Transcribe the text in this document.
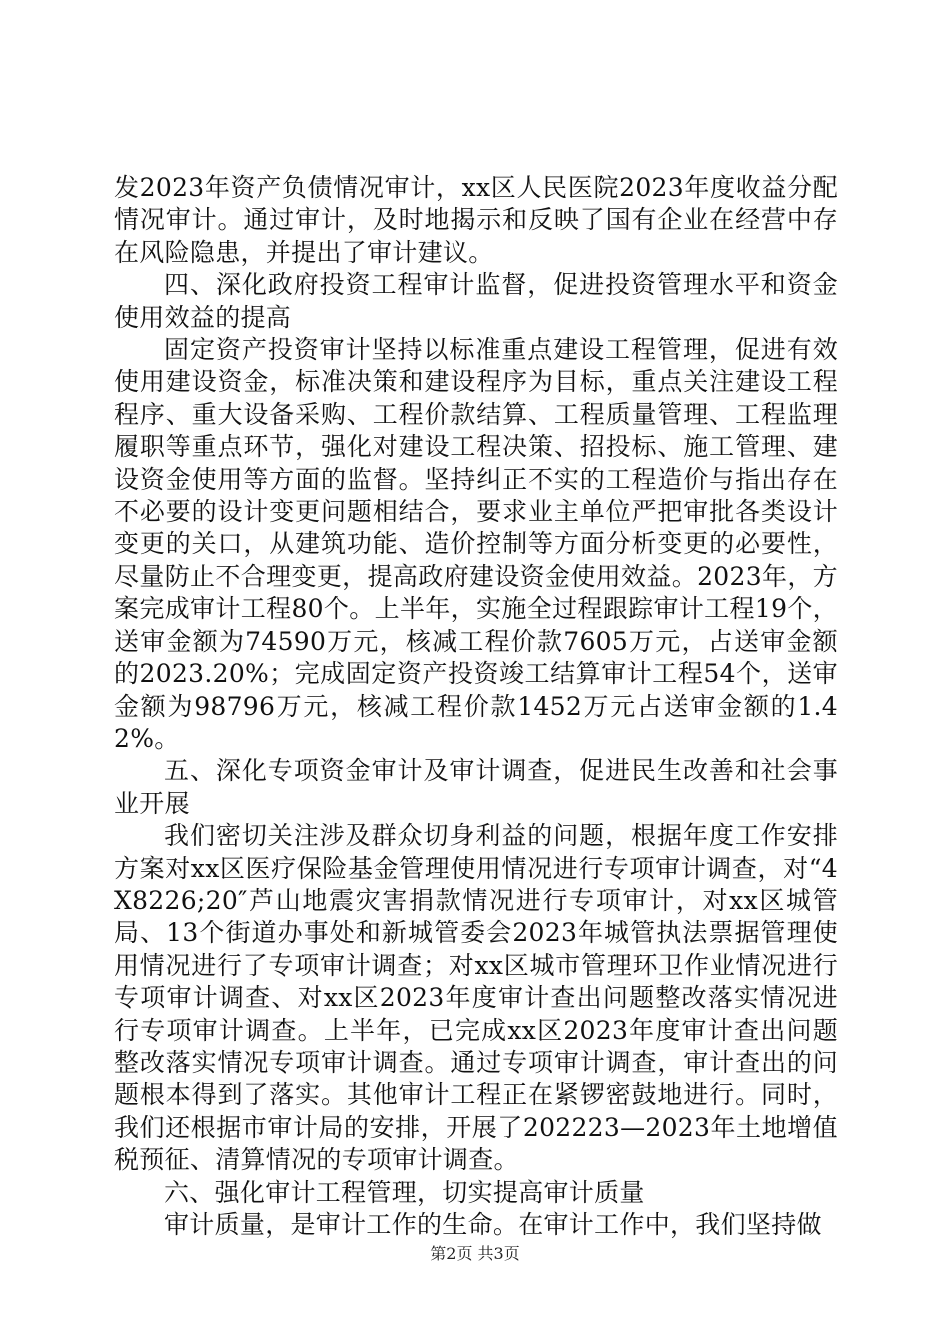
发2023年资产负债情况审计，xx区人民医院2023年度收益分配情况审计。通过审计，及时地揭示和反映了国有企业在经营中存在风险隐患，并提出了审计建议。

四、深化政府投资工程审计监督，促进投资管理水平和资金使用效益的提高

固定资产投资审计坚持以标准重点建设工程管理，促进有效使用建设资金，标准决策和建设程序为目标，重点关注建设工程程序、重大设备采购、工程价款结算、工程质量管理、工程监理履职等重点环节，强化对建设工程决策、招投标、施工管理、建设资金使用等方面的监督。坚持纠正不实的工程造价与指出存在不必要的设计变更问题相结合，要求业主单位严把审批各类设计变更的关口，从建筑功能、造价控制等方面分析变更的必要性，尽量防止不合理变更，提高政府建设资金使用效益。2023年，方案完成审计工程80个。上半年，实施全过程跟踪审计工程19个，送审金额为74590万元，核减工程价款7605万元，占送审金额的2023.20%；完成固定资产投资竣工结算审计工程54个，送审金额为98796万元，核减工程价款1452万元占送审金额的1.42%。

五、深化专项资金审计及审计调查，促进民生改善和社会事业开展

我们密切关注涉及群众切身利益的问题，根据年度工作安排方案对xx区医疗保险基金管理使用情况进行专项审计调查，对“4X8226;20″芦山地震灾害捐款情况进行专项审计，对xx区城管局、13个街道办事处和新城管委会2023年城管执法票据管理使用情况进行了专项审计调查；对xx区城市管理环卫作业情况进行专项审计调查、对xx区2023年度审计查出问题整改落实情况进行专项审计调查。上半年，已完成xx区2023年度审计查出问题整改落实情况专项审计调查。通过专项审计调查，审计查出的问题根本得到了落实。其他审计工程正在紧锣密鼓地进行。同时，我们还根据市审计局的安排，开展了202223—2023年土地增值税预征、清算情况的专项审计调查。

六、强化审计工程管理，切实提高审计质量

审计质量，是审计工作的生命。在审计工作中，我们坚持做

第2页 共3页
